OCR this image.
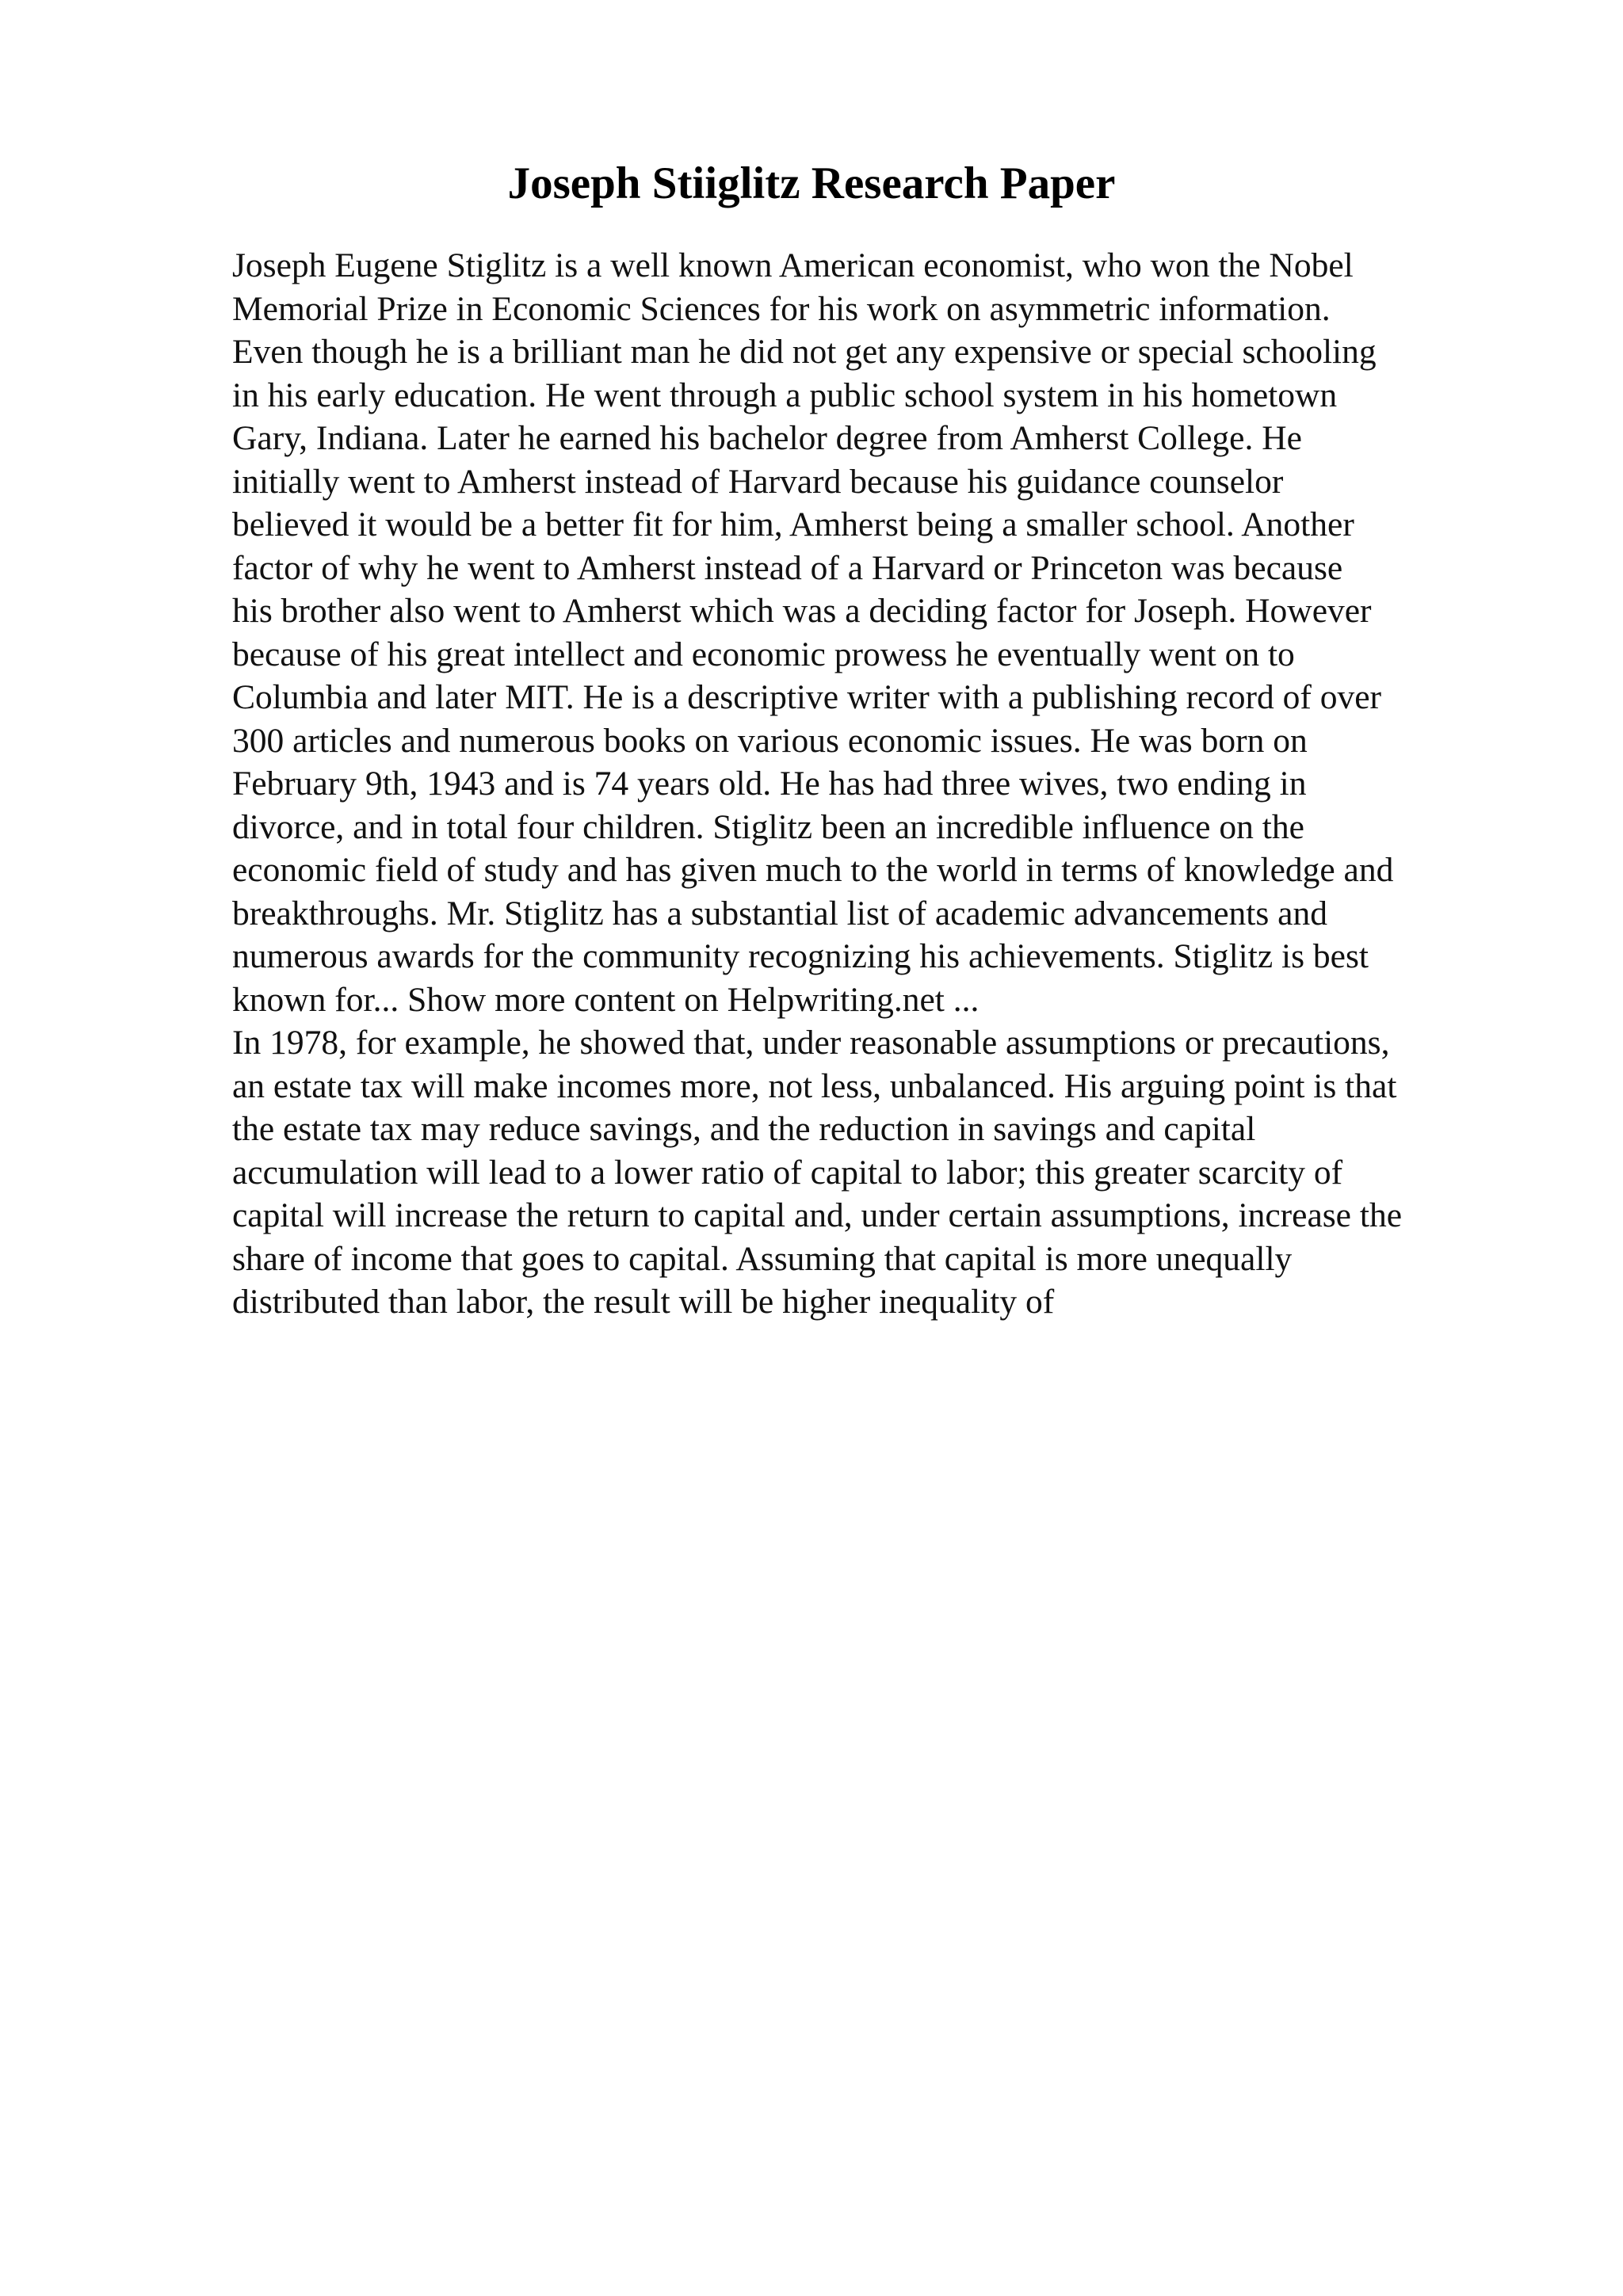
Joseph Stiiglitz Research Paper
Joseph Eugene Stiglitz is a well known American economist, who won the Nobel
Memorial Prize in Economic Sciences for his work on asymmetric information.
Even though he is a brilliant man he did not get any expensive or special schooling
in his early education. He went through a public school system in his hometown
Gary, Indiana. Later he earned his bachelor degree from Amherst College. He
initially went to Amherst instead of Harvard because his guidance counselor
believed it would be a better fit for him, Amherst being a smaller school. Another
factor of why he went to Amherst instead of a Harvard or Princeton was because
his brother also went to Amherst which was a deciding factor for Joseph. However
because of his great intellect and economic prowess he eventually went on to
Columbia and later MIT. He is a descriptive writer with a publishing record of over
300 articles and numerous books on various economic issues. He was born on
February 9th, 1943 and is 74 years old. He has had three wives, two ending in
divorce, and in total four children. Stiglitz been an incredible influence on the
economic field of study and has given much to the world in terms of knowledge and
breakthroughs. Mr. Stiglitz has a substantial list of academic advancements and
numerous awards for the community recognizing his achievements. Stiglitz is best
known for... Show more content on Helpwriting.net ...
In 1978, for example, he showed that, under reasonable assumptions or precautions,
an estate tax will make incomes more, not less, unbalanced. His arguing point is that
the estate tax may reduce savings, and the reduction in savings and capital
accumulation will lead to a lower ratio of capital to labor; this greater scarcity of
capital will increase the return to capital and, under certain assumptions, increase the
share of income that goes to capital. Assuming that capital is more unequally
distributed than labor, the result will be higher inequality of
